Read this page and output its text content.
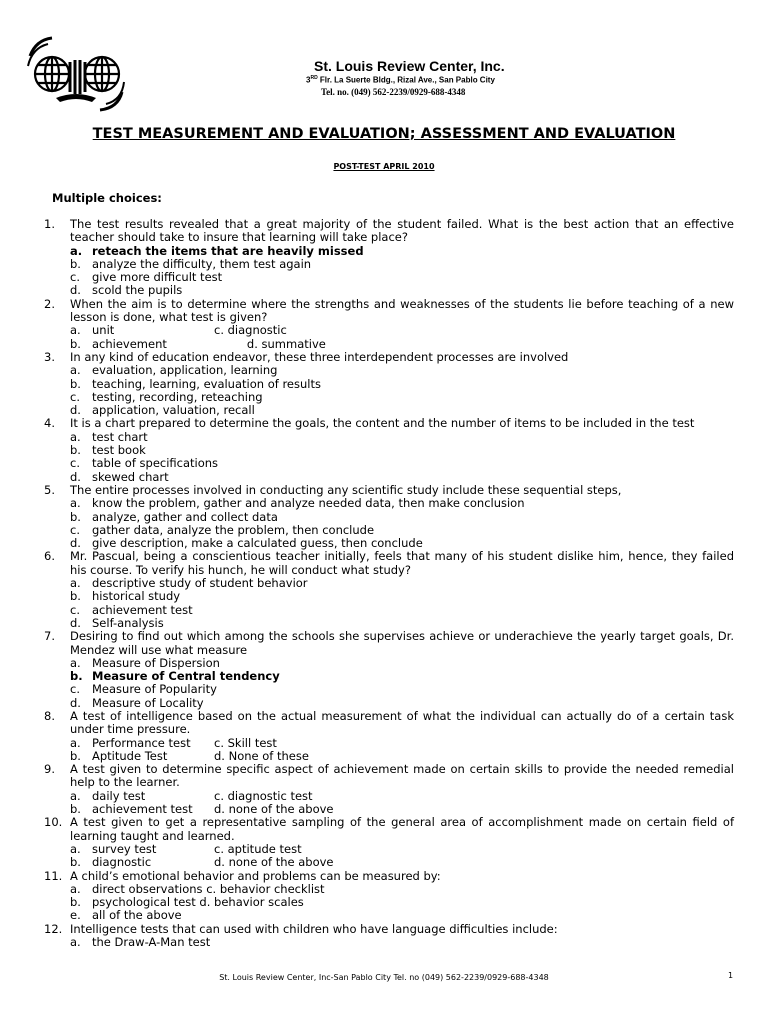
St. Louis Review Center, Inc.
3RD Flr. La Suerte Bldg., Rizal Ave., San Pablo City
Tel. no. (049) 562-2239/0929-688-4348
TEST MEASUREMENT AND EVALUATION; ASSESSMENT AND EVALUATION
POST-TEST APRIL 2010
Multiple choices:
1. The test results revealed that a great majority of the student failed. What is the best action that an effective teacher should take to insure that learning will take place?
a. reteach the items that are heavily missed
b. analyze the difficulty, them test again
c. give more difficult test
d. scold the pupils
2. When the aim is to determine where the strengths and weaknesses of the students lie before teaching of a new lesson is done, what test is given?
a. unit	c. diagnostic
b. achievement	d. summative
3. In any kind of education endeavor, these three interdependent processes are involved
a. evaluation, application, learning
b. teaching, learning, evaluation of results
c. testing, recording, reteaching
d. application, valuation, recall
4. It is a chart prepared to determine the goals, the content and the number of items to be included in the test
a. test chart
b. test book
c. table of specifications
d. skewed chart
5. The entire processes involved in conducting any scientific study include these sequential steps,
a. know the problem, gather and analyze needed data, then make conclusion
b. analyze, gather and collect data
c. gather data, analyze the problem, then conclude
d. give description, make a calculated guess, then conclude
6. Mr. Pascual, being a conscientious teacher initially, feels that many of his student dislike him, hence, they failed his course. To verify his hunch, he will conduct what study?
a. descriptive study of student behavior
b. historical study
c. achievement test
d. Self-analysis
7. Desiring to find out which among the schools she supervises achieve or underachieve the yearly target goals, Dr. Mendez will use what measure
a. Measure of Dispersion
b. Measure of Central tendency
c. Measure of Popularity
d. Measure of Locality
8. A test of intelligence based on the actual measurement of what the individual can actually do of a certain task under time pressure.
a. Performance test c. Skill test
b. Aptitude Test	d. None of these
9. A test given to determine specific aspect of achievement made on certain skills to provide the needed remedial help to the learner.
a. daily test	c. diagnostic test
b. achievement test d. none of the above
10. A test given to get a representative sampling of the general area of accomplishment made on certain field of learning taught and learned.
a. survey test	c. aptitude test
b. diagnostic	d. none of the above
11. A child’s emotional behavior and problems can be measured by:
a. direct observations c. behavior checklist
b. psychological test d. behavior scales
e. all of the above
12. Intelligence tests that can used with children who have language difficulties include:
a. the Draw-A-Man test
St. Louis Review Center, Inc-San Pablo City Tel. no (049) 562-2239/0929-688-4348	1
